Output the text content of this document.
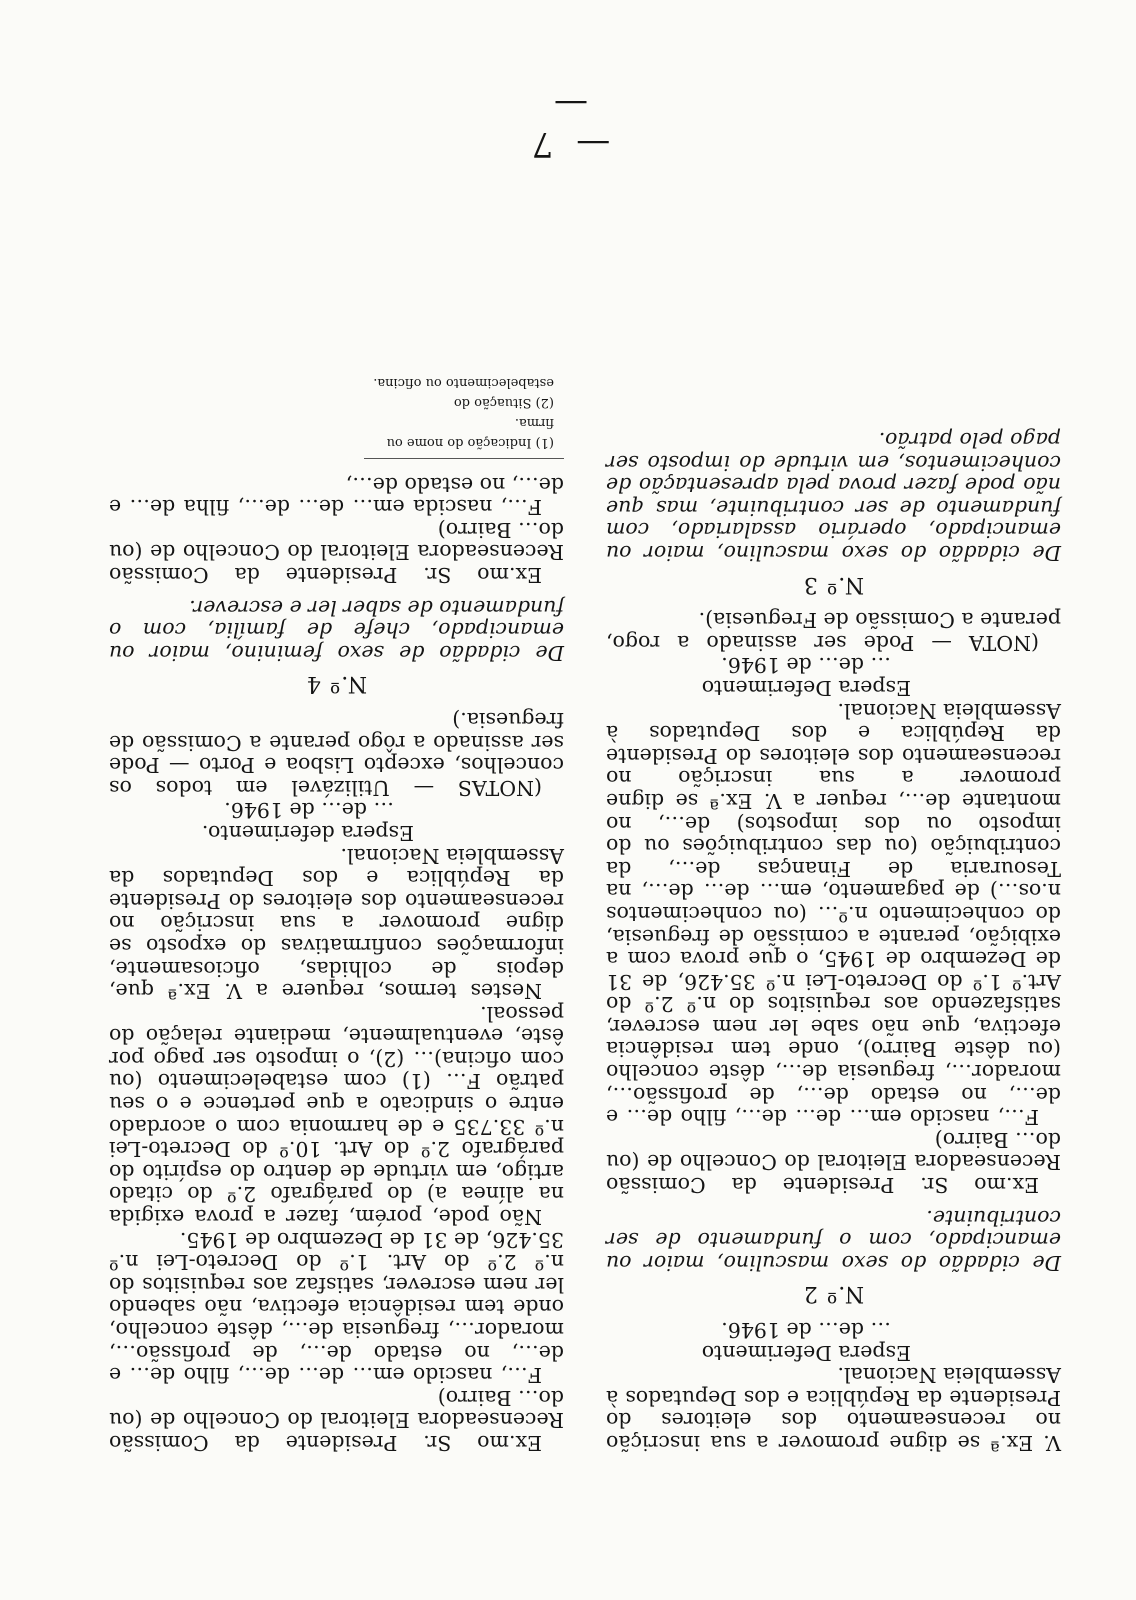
— 7 —
V. Ex.ª se digne promover a sua inscrição no recenseamento dos eleitores do Presidente da República e dos Deputados à Assembleia Nacional.
Espera Deferimento
… de… de 1946.
N.º 2
De cidadão do sexo masculino, maior ou emancipado, com o fundamento de ser contribuinte.
Ex.mo Sr. Presidente da Comissão Recenseadora Eleitoral do Concelho de (ou do… Bairro)
F…, nascido em… de… de…, filho de… e de…, no estado de…, de profissão…, morador…, freguesia de…, dêste concelho (ou dêste Bairro), onde tem residência efectiva, que não sabe ler nem escrever, satisfazendo aos requisitos do n.º 2.º do Art.º 1.º do Decreto-Lei n.º 35.426, de 31 de Dezembro de 1945, o que prova com a exibição, perante a comissão de freguesia, do conhecimento n.º… (ou conhecimentos n.os…) de pagamento, em… de… de…, na Tesouraria de Finanças de…, da contribuição (ou das contribuições ou do imposto ou dos impostos) de…, no montante de…, requer a V. Ex.ª se digne promover a sua inscrição no recenseamento dos eleitores do Presidente da República e dos Deputados à Assembleia Nacional.
Espera Deferimento
… de… de 1946.
(NOTA — Pode ser assinado a rogo, perante a Comissão de Freguesia).
N.º 3
De cidadão do sexo masculino, maior ou emancipado, operário assalariado, com fundamento de ser contribuinte, mas que não pode fazer prova pela apresentação de conhecimentos, em virtude do imposto ser pago pelo patrão.
Ex.mo Sr. Presidente da Comissão Recenseadora Eleitoral do Concelho de (ou do… Bairro)
F…, nascido em… de… de…, filho de… e de…, no estado de…, de profissão…, morador…, freguesia de…, dêste concelho, onde tem residência efectiva, não sabendo ler nem escrever, satisfaz aos requisitos do n.º 2.º do Art. 1.º do Decreto-Lei n.º 35.426, de 31 de Dezembro de 1945.
Não pode, porém, fazer a prova exigida na alínea a) do parágrafo 2.º do citado artigo, em virtude de dentro do espírito do parágrafo 2.º do Art. 10.º do Decreto-Lei n.º 33.735 e de harmonia com o acordado entre o sindicato a que pertence e o seu patrão F… (1) com estabelecimento (ou com oficina)… (2), o imposto ser pago por êste, eventualmente, mediante relação do pessoal.
Nestes termos, requere a V. Ex.ª que, depois de colhidas, oficiosamente, informações confirmativas do exposto se digne promover a sua inscrição no recenseamento dos eleitores do Presidente da República e dos Deputados da Assembleia Nacional.
Espera deferimento.
… de… de 1946.
(NOTAS — Utilizável em todos os concelhos, excepto Lisboa e Porto — Pode ser assinado a rôgo perante a Comissão de freguesia.)
N.º 4
De cidadão de sexo feminino, maior ou emancipado, chefe de família, com o fundamento de saber ler e escrever.
Ex.mo Sr. Presidente da Comissão Recenseadora Eleitoral do Concelho de (ou do… Bairro)
F…, nascida em… de… de…, filha de… e de…, no estado de…,
(1) Indicação do nome ou firma.
(2) Situação do estabelecimento ou oficina.
